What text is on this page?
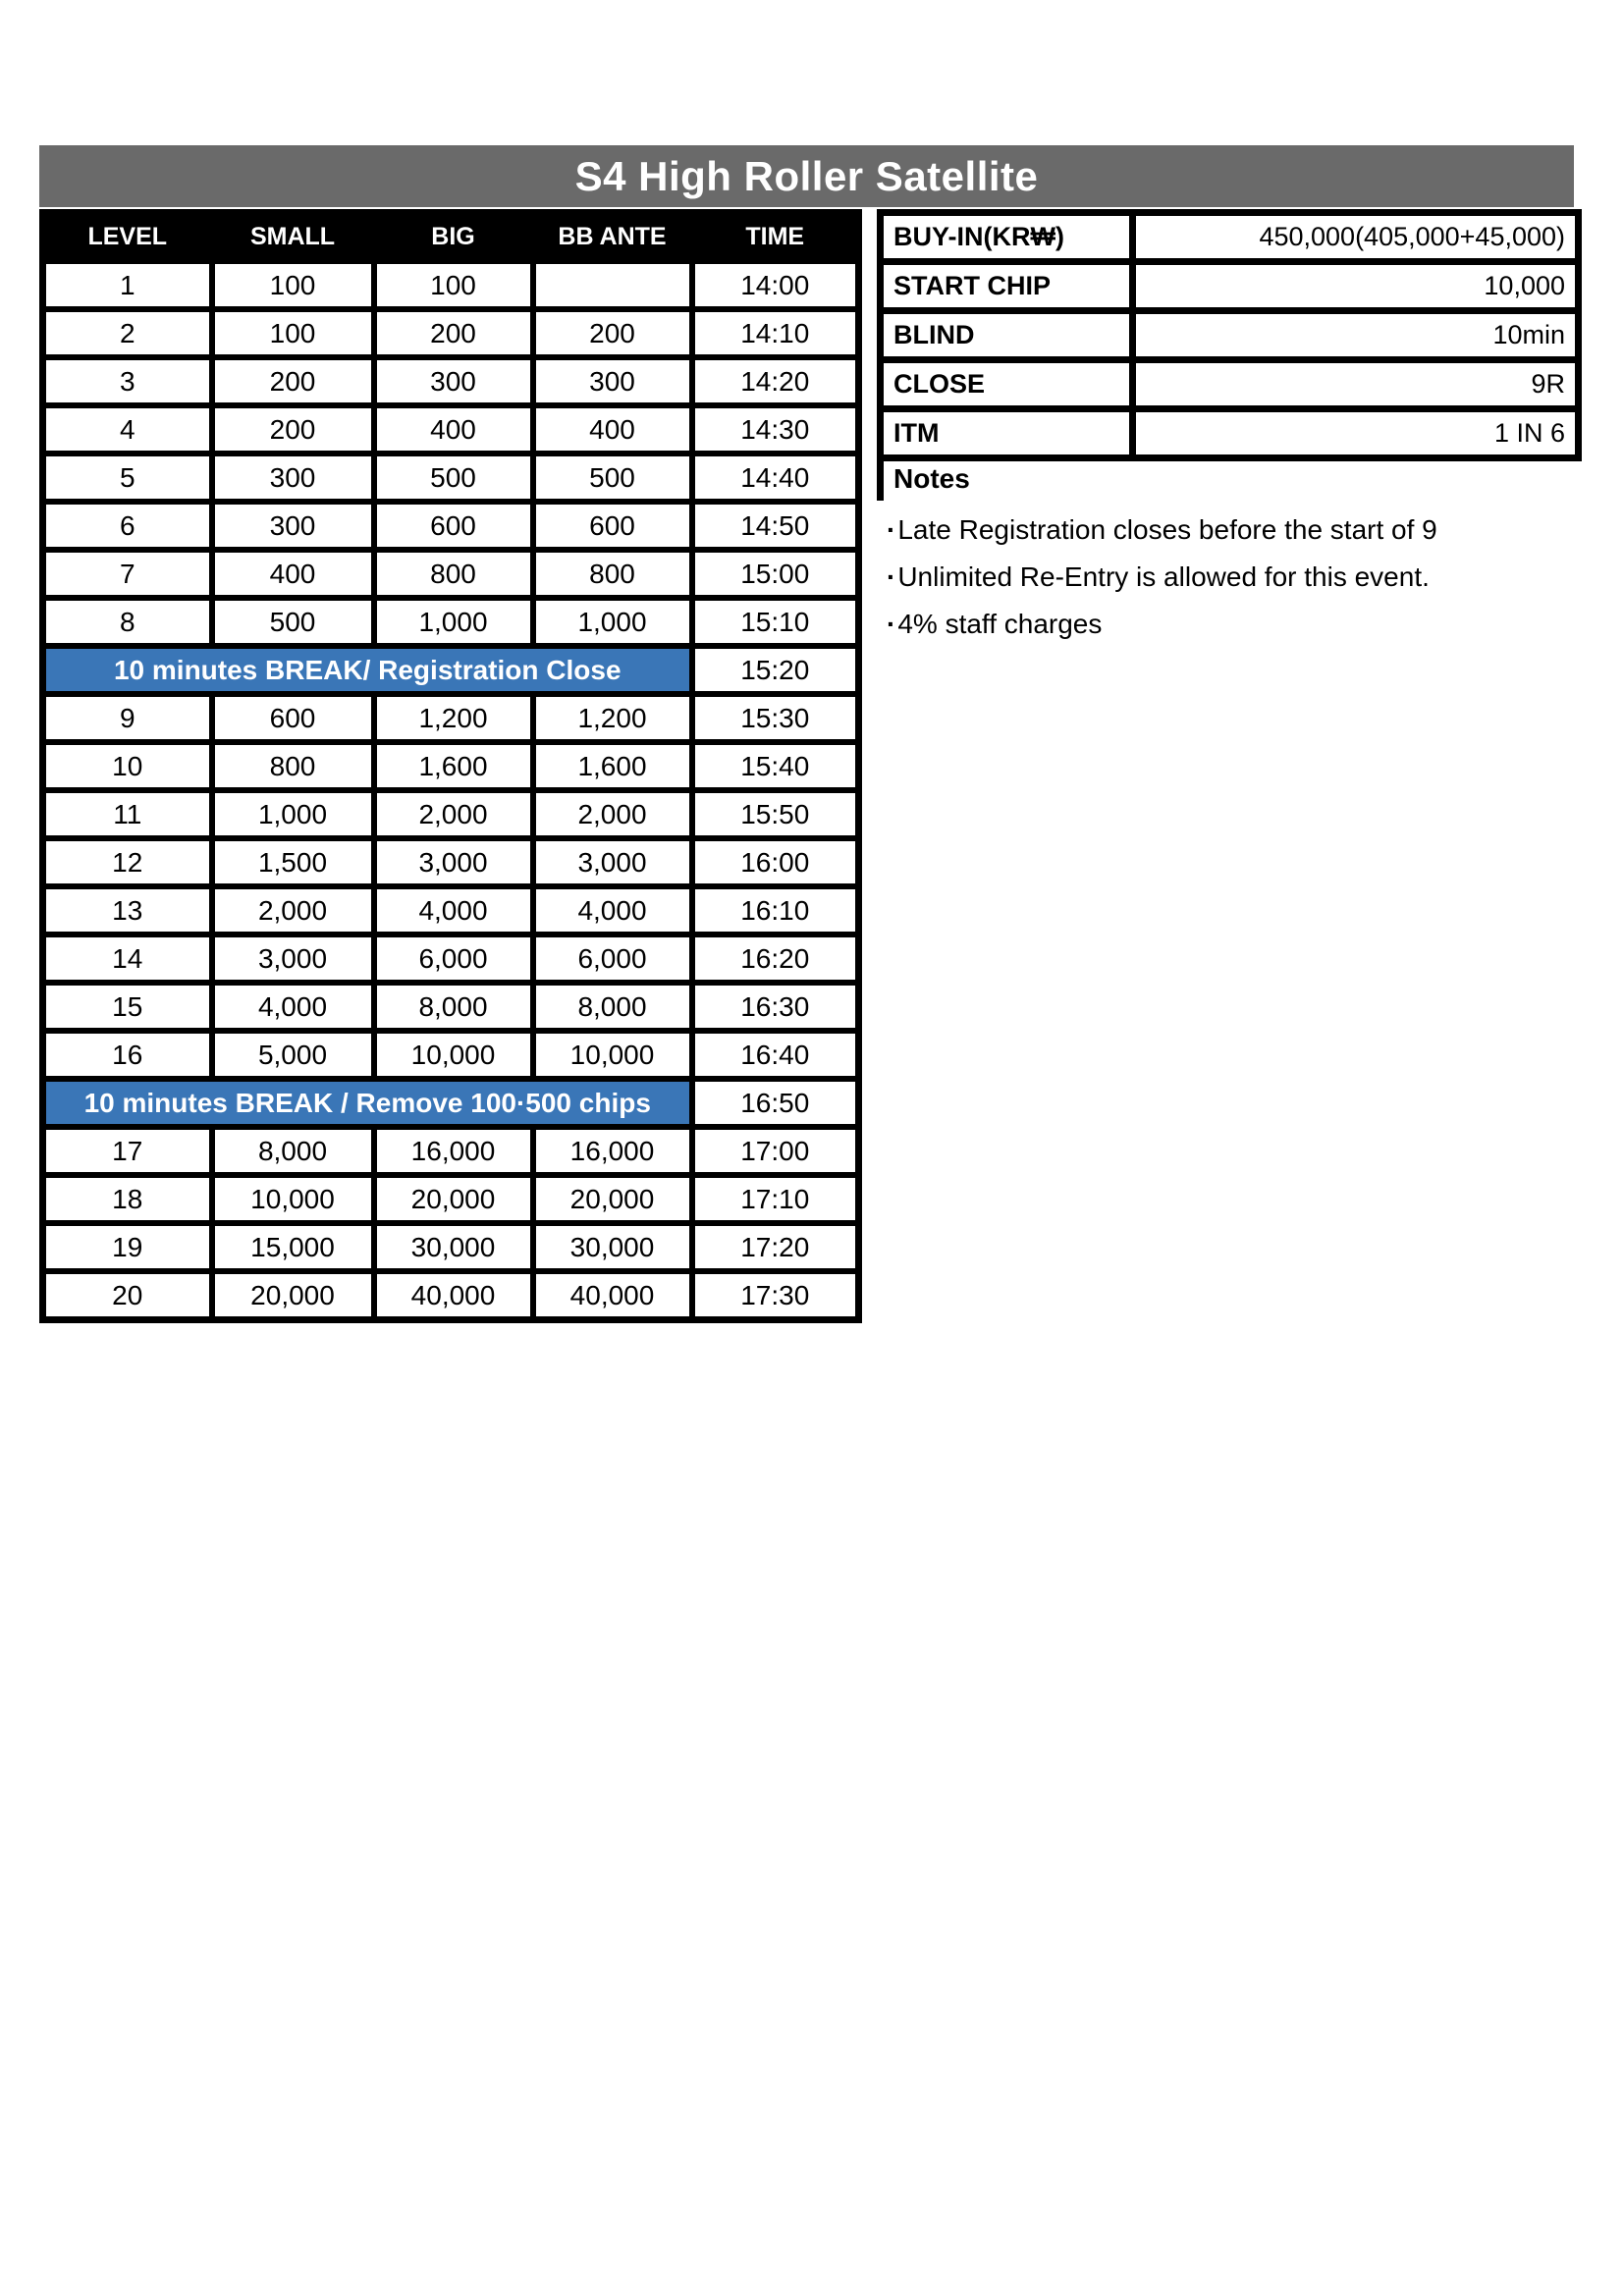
S4 High Roller Satellite
LEVEL	SMALL	BIG	BB ANTE	TIME
1	100	100		14:00
2	100	200	200	14:10
3	200	300	300	14:20
4	200	400	400	14:30
5	300	500	500	14:40
6	300	600	600	14:50
7	400	800	800	15:00
8	500	1,000	1,000	15:10
10 minutes BREAK/ Registration Close				15:20
9	600	1,200	1,200	15:30
10	800	1,600	1,600	15:40
11	1,000	2,000	2,000	15:50
12	1,500	3,000	3,000	16:00
13	2,000	4,000	4,000	16:10
14	3,000	6,000	6,000	16:20
15	4,000	8,000	8,000	16:30
16	5,000	10,000	10,000	16:40
10 minutes BREAK / Remove 100·500 chips				16:50
17	8,000	16,000	16,000	17:00
18	10,000	20,000	20,000	17:10
19	15,000	30,000	30,000	17:20
20	20,000	40,000	40,000	17:30
BUY-IN(KR₩)	450,000(405,000+45,000)
START CHIP	10,000
BLIND	10min
CLOSE	9R
ITM	1 IN 6
Notes
· Late Registration closes before the start of 9
· Unlimited Re-Entry is allowed for this event.
· 4% staff charges
